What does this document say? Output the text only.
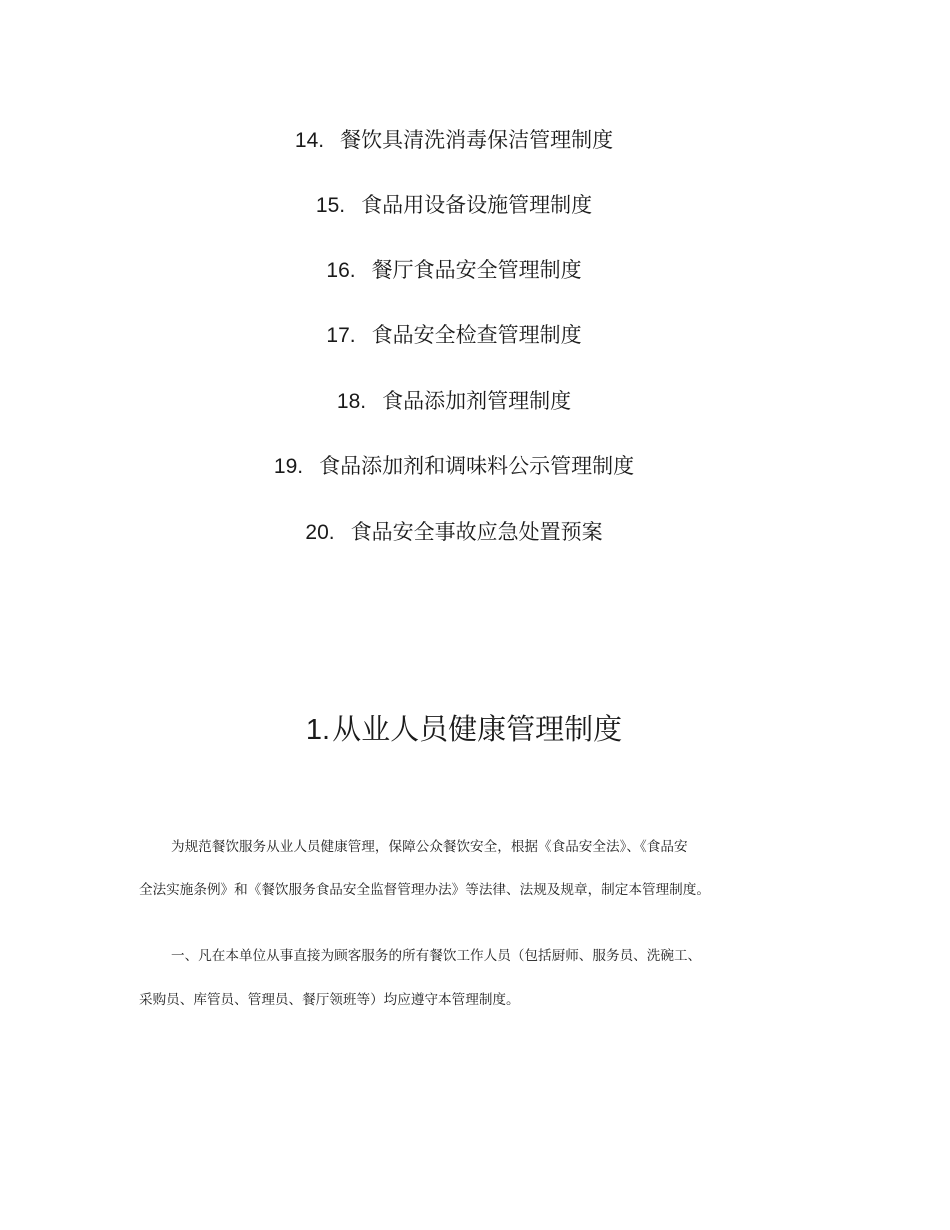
14. 餐饮具清洗消毒保洁管理制度
15. 食品用设备设施管理制度
16. 餐厅食品安全管理制度
17. 食品安全检查管理制度
18. 食品添加剂管理制度
19. 食品添加剂和调味料公示管理制度
20. 食品安全事故应急处置预案
1.从业人员健康管理制度
为规范餐饮服务从业人员健康管理，保障公众餐饮安全，根据《食品安全法》、《食品安
全法实施条例》和《餐饮服务食品安全监督管理办法》等法律、法规及规章，制定本管理制度。
一、凡在本单位从事直接为顾客服务的所有餐饮工作人员（包括厨师、服务员、洗碗工、
采购员、库管员、管理员、餐厅领班等）均应遵守本管理制度。
